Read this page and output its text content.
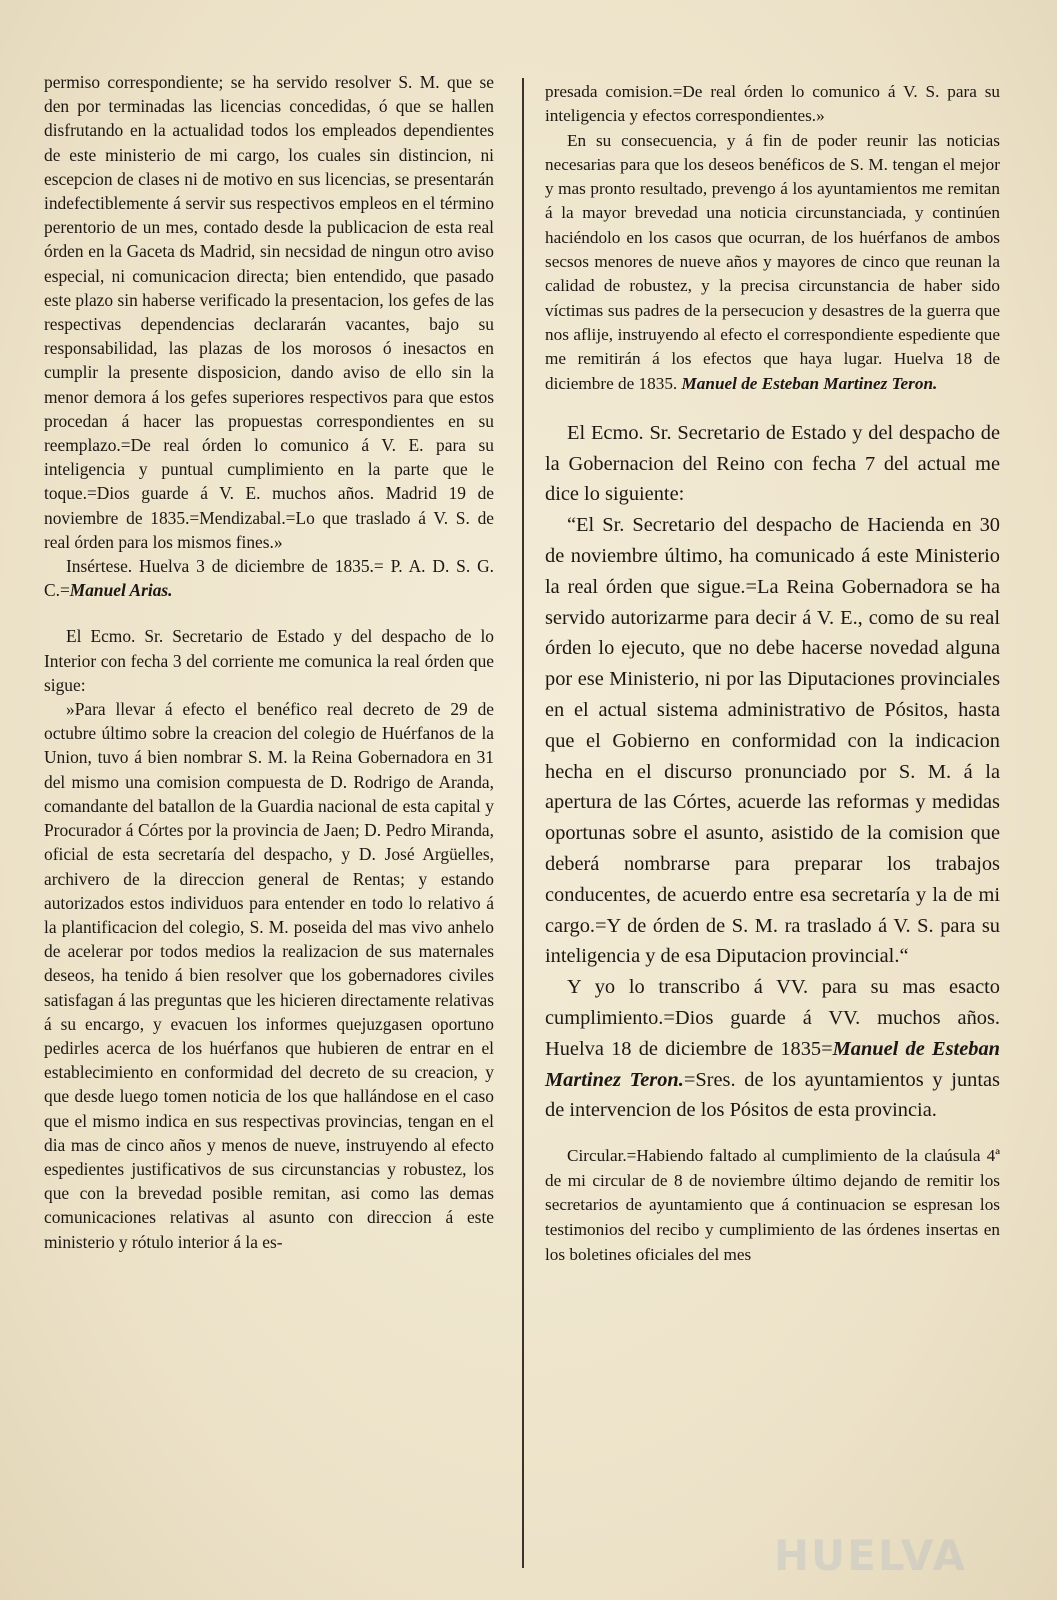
permiso correspondiente; se ha servido resolver S. M. que se den por terminadas las licencias concedidas, ó que se hallen disfrutando en la actualidad todos los empleados dependientes de este ministerio de mi cargo, los cuales sin distincion, ni escepcion de clases ni de motivo en sus licencias, se presentarán indefectiblemente á servir sus respectivos empleos en el término perentorio de un mes, contado desde la publicacion de esta real órden en la Gaceta ds Madrid, sin necsidad de ningun otro aviso especial, ni comunicacion directa; bien entendido, que pasado este plazo sin haberse verificado la presentacion, los gefes de las respectivas dependencias declararán vacantes, bajo su responsabilidad, las plazas de los morosos ó inesactos en cumplir la presente disposicion, dando aviso de ello sin la menor demora á los gefes superiores respectivos para que estos procedan á hacer las propuestas correspondientes en su reemplazo.=De real órden lo comunico á V. E. para su inteligencia y puntual cumplimiento en la parte que le toque.=Dios guarde á V. E. muchos años. Madrid 19 de noviembre de 1835.=Mendizabal.=Lo que traslado á V. S. de real órden para los mismos fines.»

Insértese. Huelva 3 de diciembre de 1835.= P. A. D. S. G. C.=Manuel Arias.

El Ecmo. Sr. Secretario de Estado y del despacho de lo Interior con fecha 3 del corriente me comunica la real órden que sigue:

»Para llevar á efecto el benéfico real decreto de 29 de octubre último sobre la creacion del colegio de Huérfanos de la Union, tuvo á bien nombrar S. M. la Reina Gobernadora en 31 del mismo una comision compuesta de D. Rodrigo de Aranda, comandante del batallon de la Guardia nacional de esta capital y Procurador á Córtes por la provincia de Jaen; D. Pedro Miranda, oficial de esta secretaría del despacho, y D. José Argüelles, archivero de la direccion general de Rentas; y estando autorizados estos individuos para entender en todo lo relativo á la plantificacion del colegio, S. M. poseida del mas vivo anhelo de acelerar por todos medios la realizacion de sus maternales deseos, ha tenido á bien resolver que los gobernadores civiles satisfagan á las preguntas que les hicieren directamente relativas á su encargo, y evacuen los informes quejuzgasen oportuno pedirles acerca de los huérfanos que hubieren de entrar en el establecimiento en conformidad del decreto de su creacion, y que desde luego tomen noticia de los que hallándose en el caso que el mismo indica en sus respectivas provincias, tengan en el dia mas de cinco años y menos de nueve, instruyendo al efecto espedientes justificativos de sus circunstancias y robustez, los que con la brevedad posible remitan, asi como las demas comunicaciones relativas al asunto con direccion á este ministerio y rótulo interior á la es-

presada comision.=De real órden lo comunico á V. S. para su inteligencia y efectos correspondientes.»

En su consecuencia, y á fin de poder reunir las noticias necesarias para que los deseos benéficos de S. M. tengan el mejor y mas pronto resultado, prevengo á los ayuntamientos me remitan á la mayor brevedad una noticia circunstanciada, y continúen haciéndolo en los casos que ocurran, de los huérfanos de ambos secsos menores de nueve años y mayores de cinco que reunan la calidad de robustez, y la precisa circunstancia de haber sido víctimas sus padres de la persecucion y desastres de la guerra que nos aflije, instruyendo al efecto el correspondiente espediente que me remitirán á los efectos que haya lugar. Huelva 18 de diciembre de 1835. Manuel de Esteban Martinez Teron.

El Ecmo. Sr. Secretario de Estado y del despacho de la Gobernacion del Reino con fecha 7 del actual me dice lo siguiente:

“El Sr. Secretario del despacho de Hacienda en 30 de noviembre último, ha comunicado á este Ministerio la real órden que sigue.=La Reina Gobernadora se ha servido autorizarme para decir á V. E., como de su real órden lo ejecuto, que no debe hacerse novedad alguna por ese Ministerio, ni por las Diputaciones provinciales en el actual sistema administrativo de Pósitos, hasta que el Gobierno en conformidad con la indicacion hecha en el discurso pronunciado por S. M. á la apertura de las Córtes, acuerde las reformas y medidas oportunas sobre el asunto, asistido de la comision que deberá nombrarse para preparar los trabajos conducentes, de acuerdo entre esa secretaría y la de mi cargo.=Y de órden de S. M. ra traslado á V. S. para su inteligencia y de esa Diputacion provincial.“

Y yo lo transcribo á VV. para su mas esacto cumplimiento.=Dios guarde á VV. muchos años. Huelva 18 de diciembre de 1835=Manuel de Esteban Martinez Teron.=Sres. de los ayuntamientos y juntas de intervencion de los Pósitos de esta provincia.

Circular.=Habiendo faltado al cumplimiento de la claúsula 4ª de mi circular de 8 de noviembre último dejando de remitir los secretarios de ayuntamiento que á continuacion se espresan los testimonios del recibo y cumplimiento de las órdenes insertas en los boletines oficiales del mes

HUELVA
